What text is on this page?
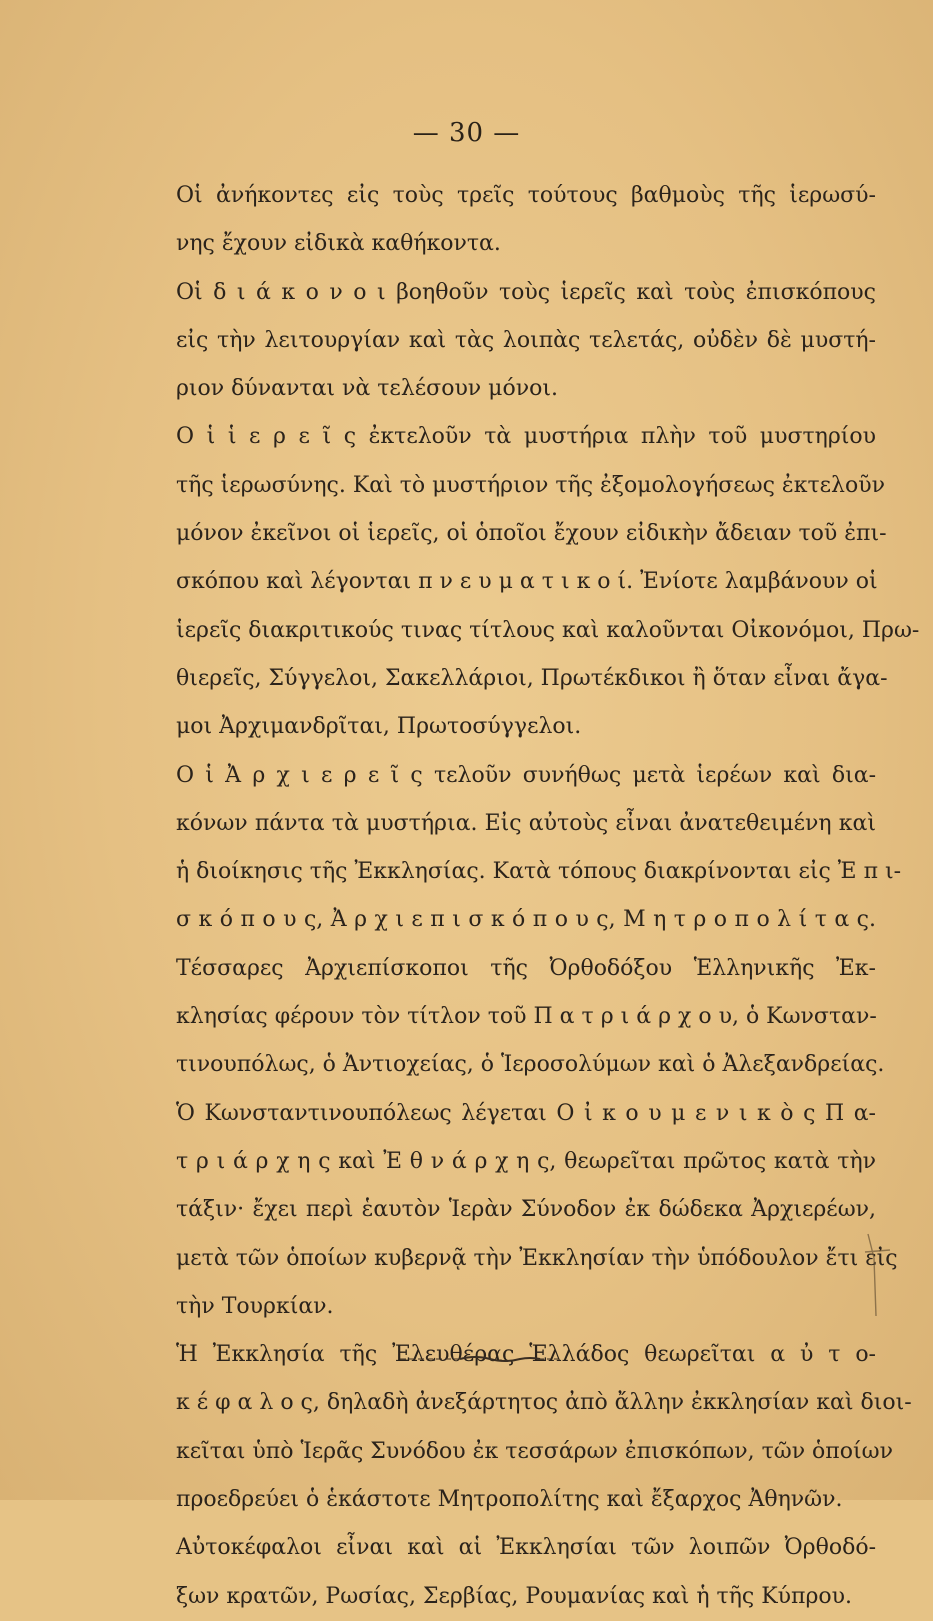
— 30 —
Οἱ ἀνήκοντες εἰς τοὺς τρεῖς τούτους βαθμοὺς τῆς ἱερωσύ-
νης ἔχουν εἰδικὰ καθήκοντα.
Οἱ δ ι ά κ ο ν ο ι βοηθοῦν τοὺς ἱερεῖς καὶ τοὺς ἐπισκόπους
εἰς τὴν λειτουργίαν καὶ τὰς λοιπὰς τελετάς, οὐδὲν δὲ μυστή-
ριον δύνανται νὰ τελέσουν μόνοι.
Ο ἱ ἱ ε ρ ε ῖ ς ἐκτελοῦν τὰ μυστήρια πλὴν τοῦ μυστηρίου
τῆς ἱερωσύνης. Καὶ τὸ μυστήριον τῆς ἐξομολογήσεως ἐκτελοῦν
μόνον ἐκεῖνοι οἱ ἱερεῖς, οἱ ὁποῖοι ἔχουν εἰδικὴν ἄδειαν τοῦ ἐπι-
σκόπου καὶ λέγονται π ν ε υ μ α τ ι κ ο ί. Ἐνίοτε λαμβάνουν οἱ
ἱερεῖς διακριτικούς τινας τίτλους καὶ καλοῦνται Οἰκονόμοι, Πρω-
θιερεῖς, Σύγγελοι, Σακελλάριοι, Πρωτέκδικοι ἢ ὅταν εἶναι ἄγα-
μοι Ἀρχιμανδρῖται, Πρωτοσύγγελοι.
Ο ἱ Ἀ ρ χ ι ε ρ ε ῖ ς τελοῦν συνήθως μετὰ ἱερέων καὶ δια-
κόνων πάντα τὰ μυστήρια. Εἰς αὐτοὺς εἶναι ἀνατεθειμένη καὶ
ἡ διοίκησις τῆς Ἐκκλησίας. Κατὰ τόπους διακρίνονται εἰς Ἐ π ι-
σ κ ό π ο υ ς, Ἀ ρ χ ι ε π ι σ κ ό π ο υ ς, Μ η τ ρ ο π ο λ ί τ α ς.
Τέσσαρες Ἀρχιεπίσκοποι τῆς Ὀρθοδόξου Ἑλληνικῆς Ἐκ-
κλησίας φέρουν τὸν τίτλον τοῦ Π α τ ρ ι ά ρ χ ο υ, ὁ Κωνσταν-
τινουπόλως, ὁ Ἀντιοχείας, ὁ Ἱεροσολύμων καὶ ὁ Ἀλεξανδρείας.
Ὁ Κωνσταντινουπόλεως λέγεται Ο ἰ κ ο υ μ ε ν ι κ ὸ ς Π α-
τ ρ ι ά ρ χ η ς καὶ Ἐ θ ν ά ρ χ η ς, θεωρεῖται πρῶτος κατὰ τὴν
τάξιν· ἔχει περὶ ἑαυτὸν Ἱερὰν Σύνοδον ἐκ δώδεκα Ἀρχιερέων,
μετὰ τῶν ὁποίων κυβερνᾷ τὴν Ἐκκλησίαν τὴν ὑπόδουλον ἔτι εἰς
τὴν Τουρκίαν.
Ἡ Ἐκκλησία τῆς Ἐλευθέρας Ἑλλάδος θεωρεῖται α ὐ τ ο-
κ έ φ α λ ο ς, δηλαδὴ ἀνεξάρτητος ἀπὸ ἄλλην ἐκκλησίαν καὶ διοι-
κεῖται ὑπὸ Ἱερᾶς Συνόδου ἐκ τεσσάρων ἐπισκόπων, τῶν ὁποίων
προεδρεύει ὁ ἑκάστοτε Μητροπολίτης καὶ ἔξαρχος Ἀθηνῶν.
Αὐτοκέφαλοι εἶναι καὶ αἱ Ἐκκλησίαι τῶν λοιπῶν Ὀρθοδό-
ξων κρατῶν, Ρωσίας, Σερβίας, Ρουμανίας καὶ ἡ τῆς Κύπρου.
